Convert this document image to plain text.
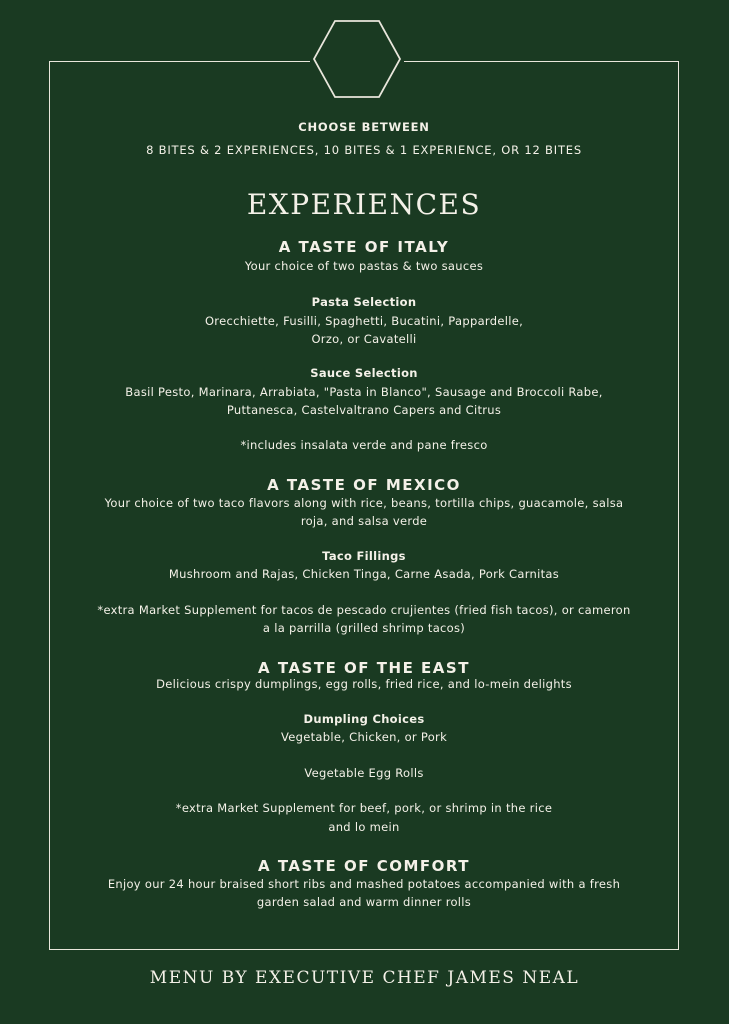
CHOOSE BETWEEN
8 BITES & 2 EXPERIENCES, 10 BITES & 1 EXPERIENCE, OR 12 BITES
EXPERIENCES
A TASTE OF ITALY
Your choice of two pastas & two sauces
Pasta Selection
Orecchiette, Fusilli, Spaghetti, Bucatini, Pappardelle,
Orzo, or Cavatelli
Sauce Selection
Basil Pesto, Marinara, Arrabiata, "Pasta in Blanco", Sausage and Broccoli Rabe,
Puttanesca, Castelvaltrano Capers and Citrus
*includes insalata verde and pane fresco
A TASTE OF MEXICO
Your choice of two taco flavors along with rice, beans, tortilla chips, guacamole, salsa
roja, and salsa verde
Taco Fillings
Mushroom and Rajas, Chicken Tinga, Carne Asada, Pork Carnitas
*extra Market Supplement for tacos de pescado crujientes (fried fish tacos), or cameron
a la parrilla (grilled shrimp tacos)
A TASTE OF THE EAST
Delicious crispy dumplings, egg rolls, fried rice, and lo-mein delights
Dumpling Choices
Vegetable, Chicken, or Pork
Vegetable Egg Rolls
*extra Market Supplement for beef, pork, or shrimp in the rice
and lo mein
A TASTE OF COMFORT
Enjoy our 24 hour braised short ribs and mashed potatoes accompanied with a fresh
garden salad and warm dinner rolls
MENU BY EXECUTIVE CHEF JAMES NEAL
